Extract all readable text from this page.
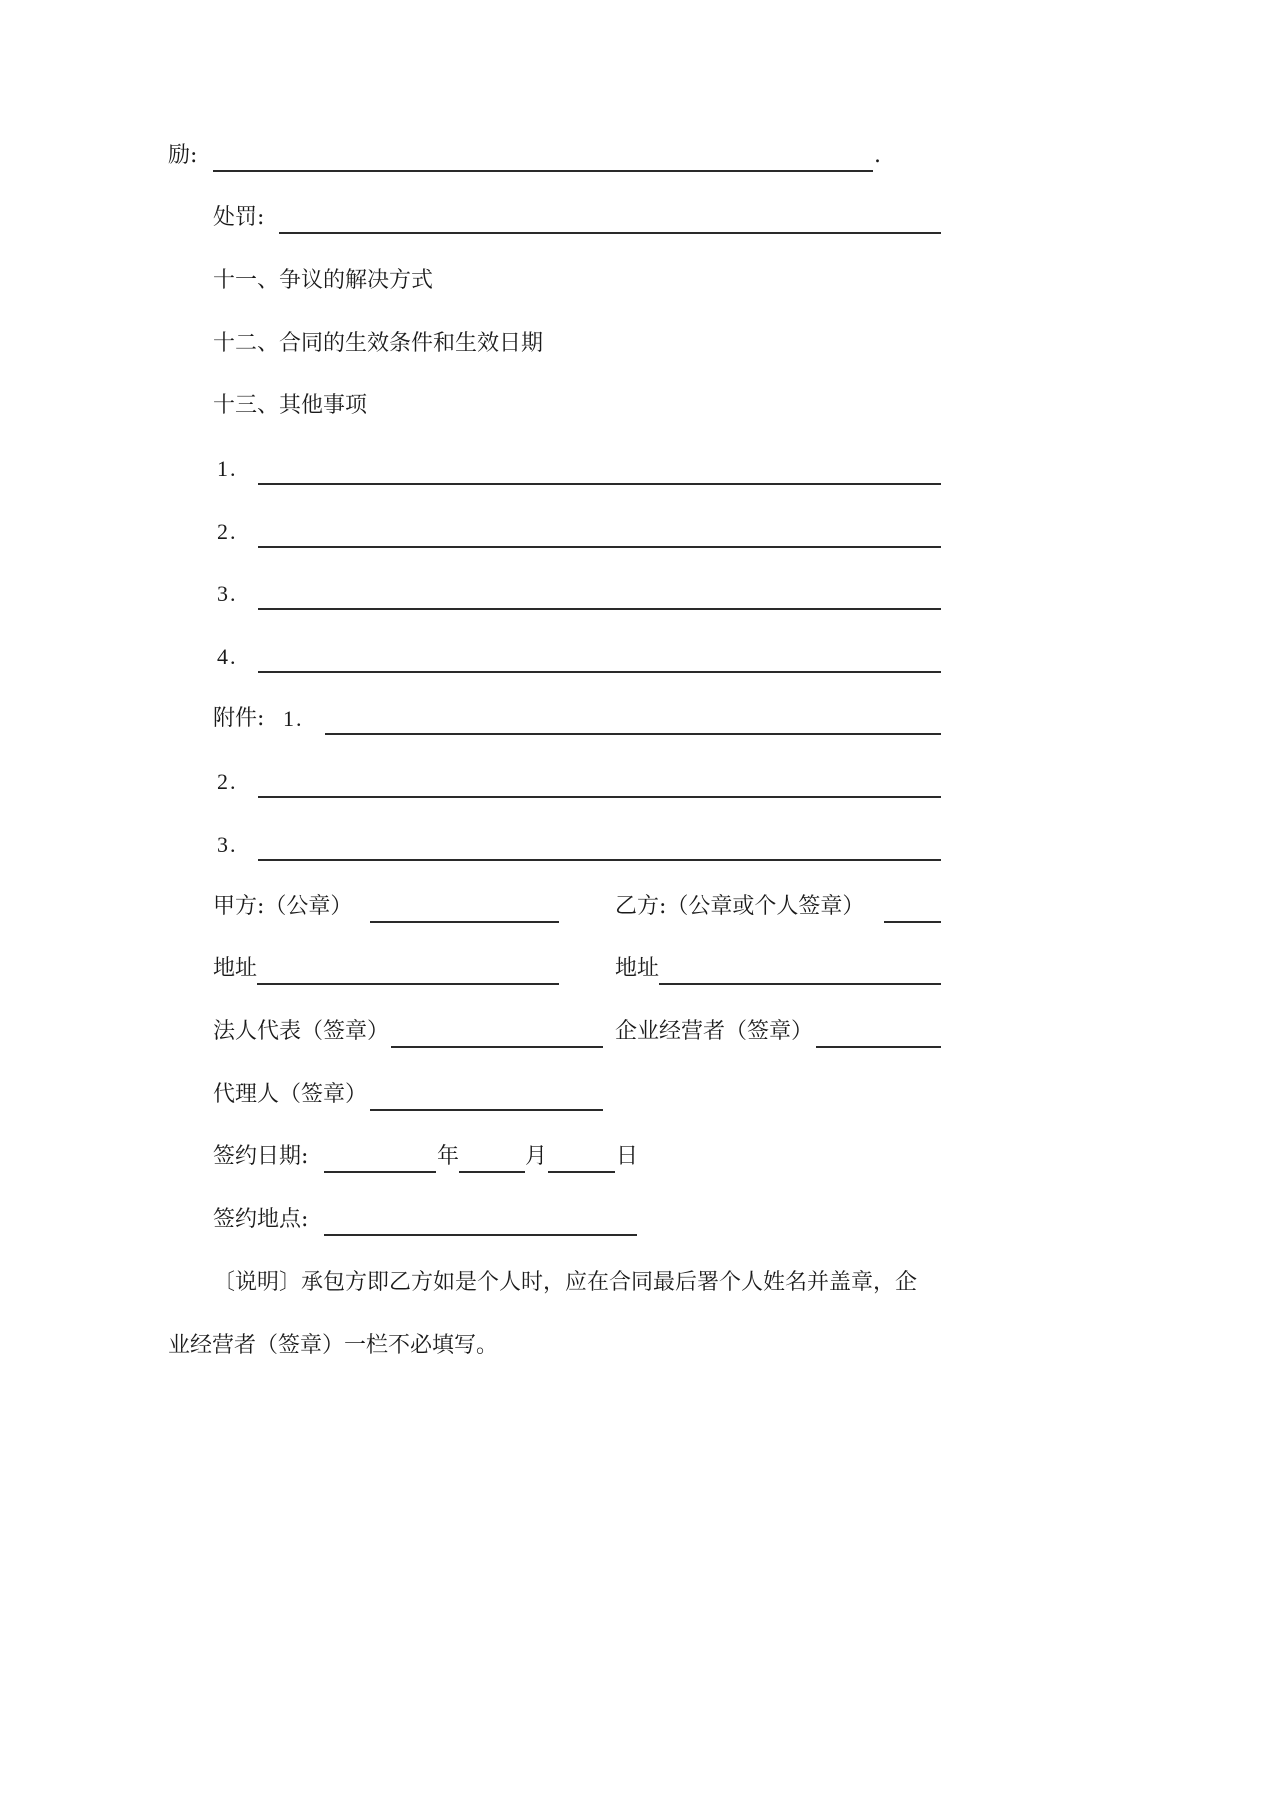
励:	.
处罚:
十一、争议的解决方式
十二、合同的生效条件和生效日期
十三、其他事项
1.
2.
3.
4.
附件: 1.
2.
3.
甲方:（公章）	乙方:（公章或个人签章）
地址	地址
法人代表（签章）	企业经营者（签章）
代理人（签章）
签约日期:	年	月	日
签约地点:
〔说明〕承包方即乙方如是个人时，应在合同最后署个人姓名并盖章，企
业经营者（签章）一栏不必填写。
